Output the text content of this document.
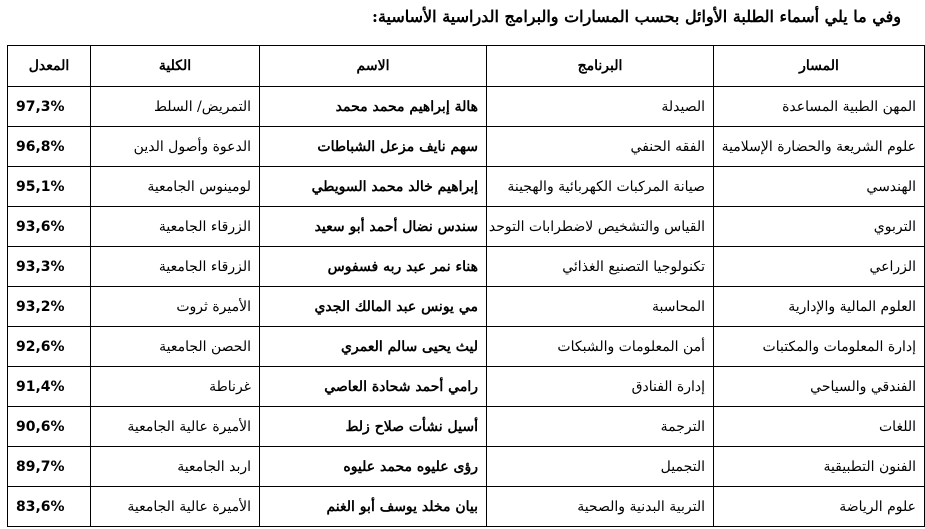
وفي ما يلي أسماء الطلبة الأوائل بحسب المسارات والبرامج الدراسية الأساسية:
المسار	البرنامج	الاسم	الكلية	المعدل
المهن الطبية المساعدة	الصيدلة	هالة إبراهيم محمد محمد	التمريض/ السلط	97,3%
علوم الشريعة والحضارة الإسلامية	الفقه الحنفي	سهم نايف مزعل الشباطات	الدعوة وأصول الدين	96,8%
الهندسي	صيانة المركبات الكهربائية والهجينة	إبراهيم خالد محمد السويطي	لومينوس الجامعية	95,1%
التربوي	القياس والتشخيص لاضطرابات التوحد	سندس نضال أحمد أبو سعيد	الزرقاء الجامعية	93,6%
الزراعي	تكنولوجيا التصنيع الغذائي	هناء نمر عبد ربه فسفوس	الزرقاء الجامعية	93,3%
العلوم المالية والإدارية	المحاسبة	مي يونس عبد المالك الجدي	الأميرة ثروت	93,2%
إدارة المعلومات والمكتبات	أمن المعلومات والشبكات	ليث يحيى سالم العمري	الحصن الجامعية	92,6%
الفندقي والسياحي	إدارة الفنادق	رامي أحمد شحادة العاصي	غرناطة	91,4%
اللغات	الترجمة	أسيل نشأت صلاح زلط	الأميرة عالية الجامعية	90,6%
الفنون التطبيقية	التجميل	رؤى عليوه محمد عليوه	اربد الجامعية	89,7%
علوم الرياضة	التربية البدنية والصحية	بيان مخلد يوسف أبو الغنم	الأميرة عالية الجامعية	83,6%
